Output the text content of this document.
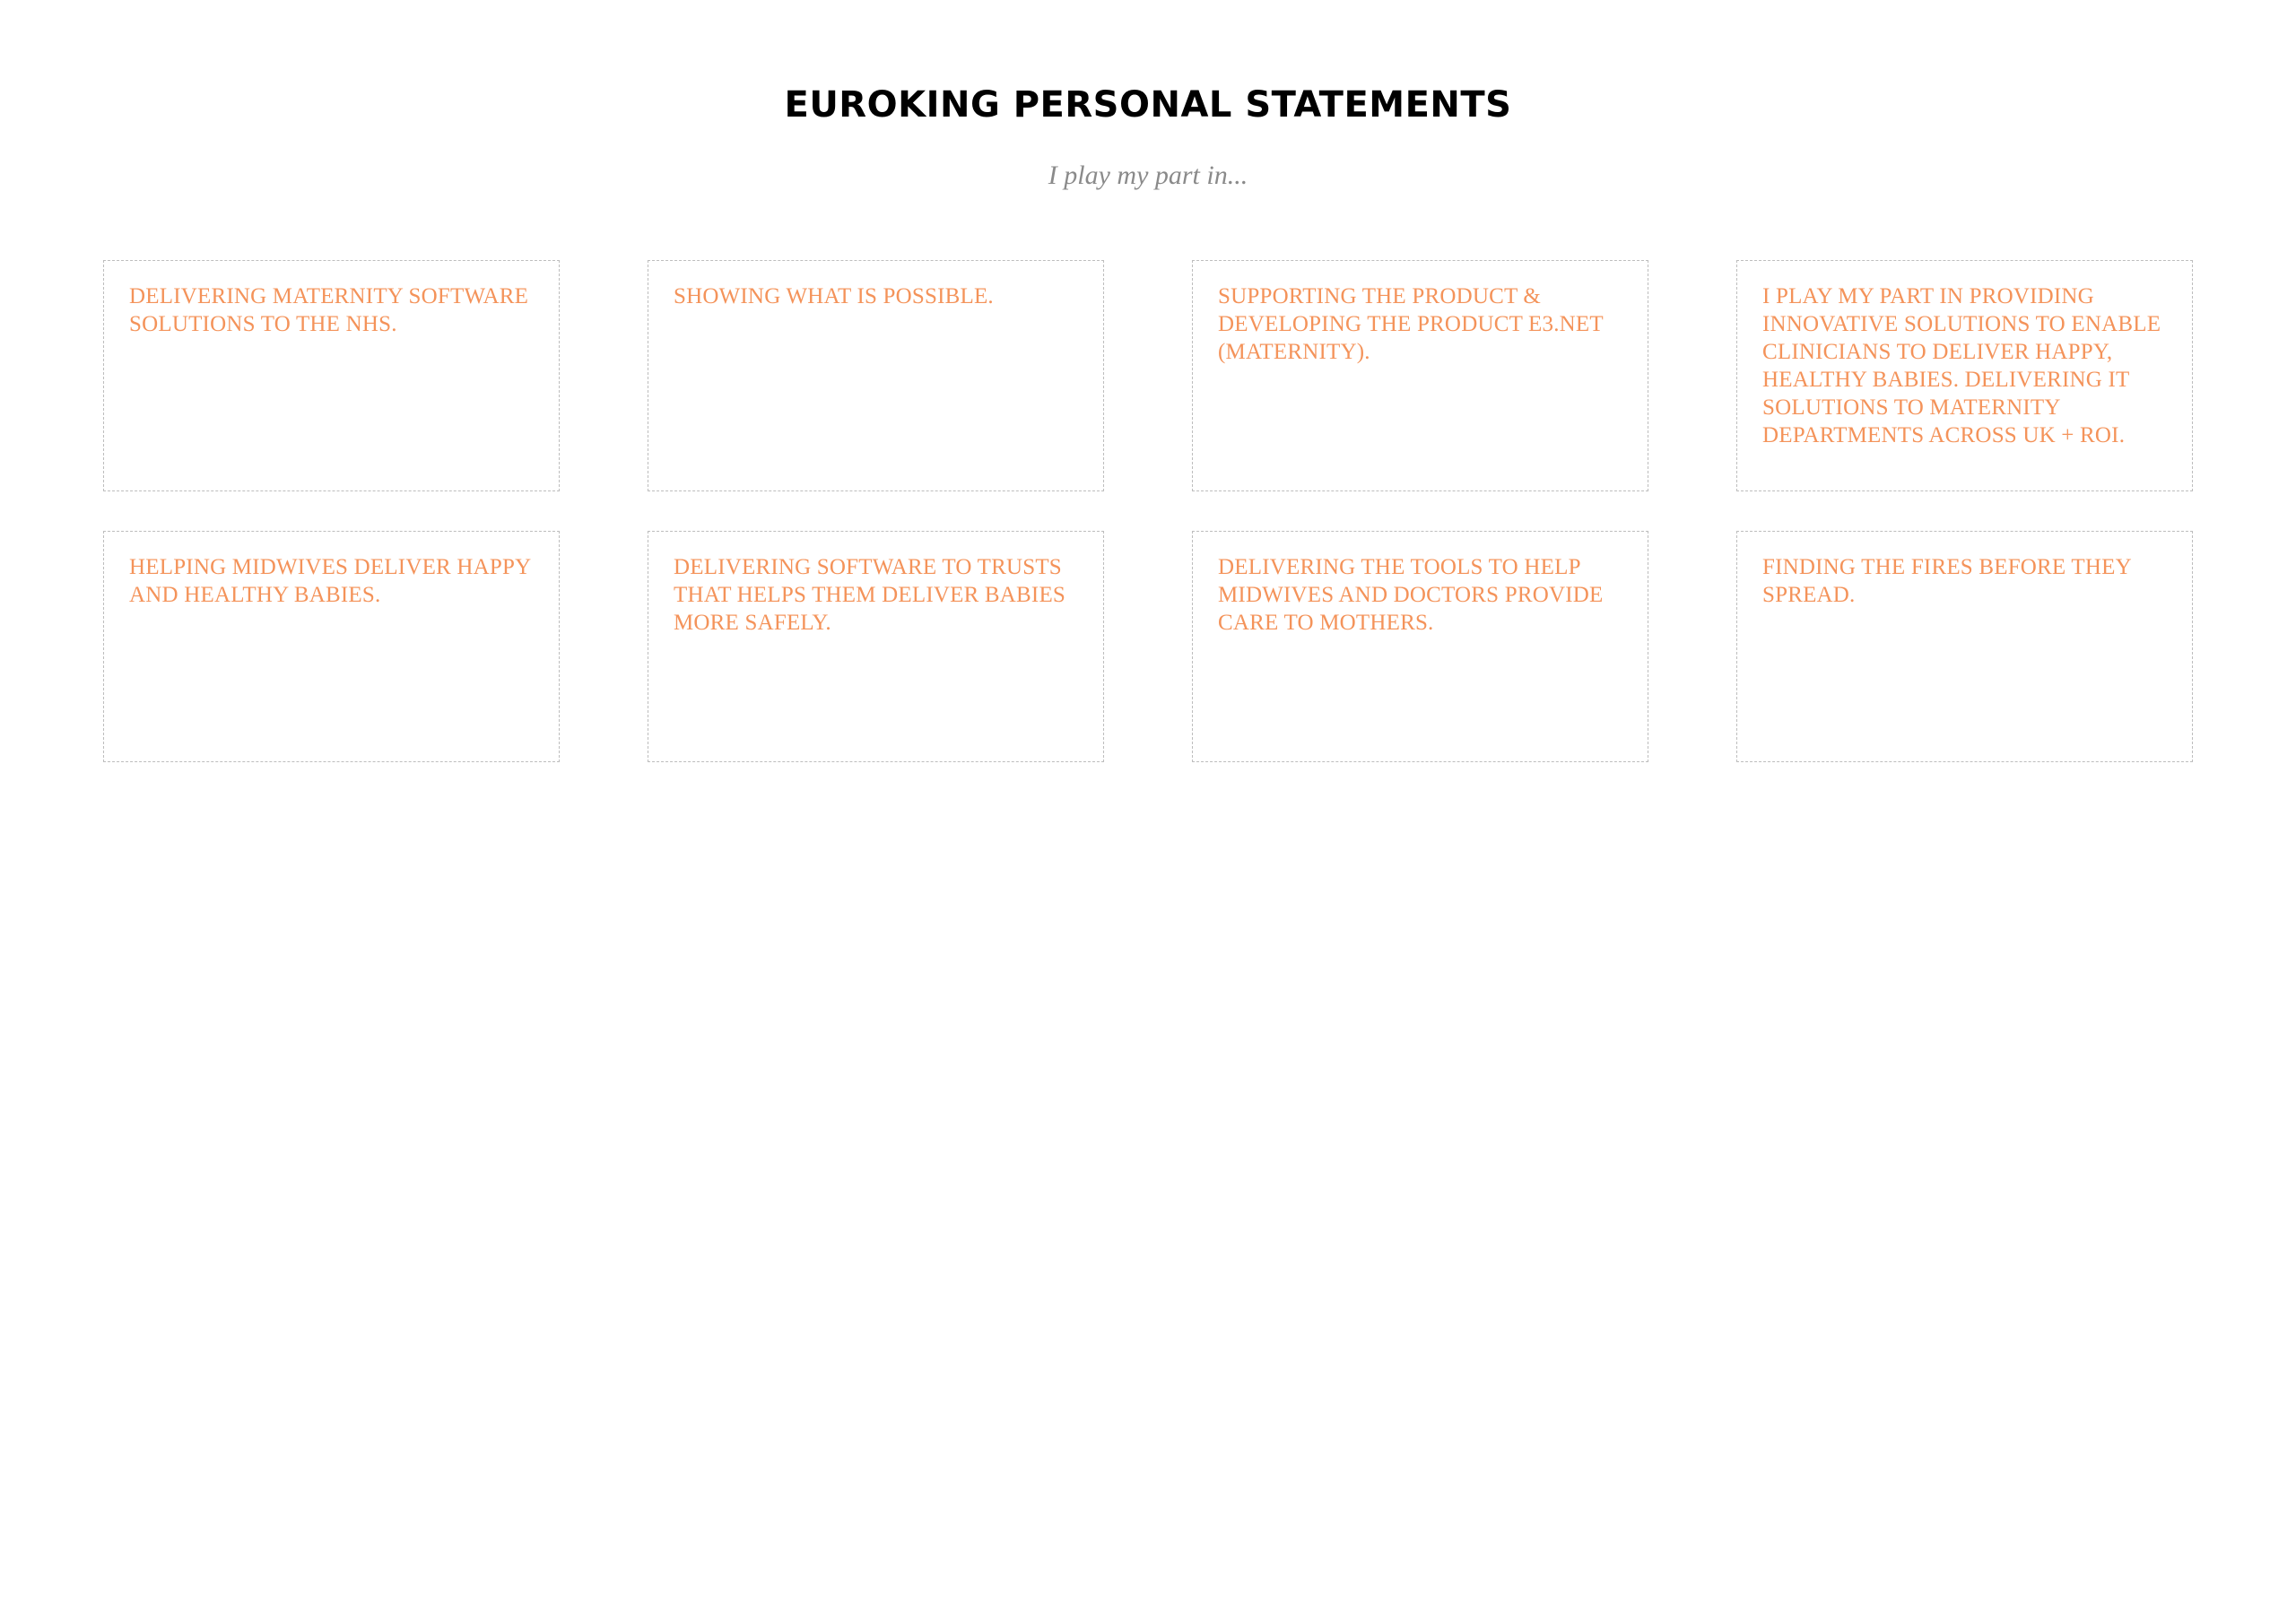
EUROKING PERSONAL STATEMENTS

I play my part in...

DELIVERING MATERNITY SOFTWARE SOLUTIONS TO THE NHS.

SHOWING WHAT IS POSSIBLE.	SUPPORTING THE PRODUCT & DEVELOPING THE PRODUCT E3.NET (MATERNITY).

I PLAY MY PART IN PROVIDING INNOVATIVE SOLUTIONS TO ENABLE CLINICIANS TO DELIVER HAPPY, HEALTHY BABIES. DELIVERING IT SOLUTIONS TO MATERNITY DEPARTMENTS ACROSS UK + ROI.

HELPING MIDWIVES DELIVER HAPPY AND HEALTHY BABIES.

DELIVERING SOFTWARE TO TRUSTS THAT HELPS THEM DELIVER BABIES MORE SAFELY.

DELIVERING THE TOOLS TO HELP MIDWIVES AND DOCTORS PROVIDE CARE TO MOTHERS.

FINDING THE FIRES BEFORE THEY SPREAD.
